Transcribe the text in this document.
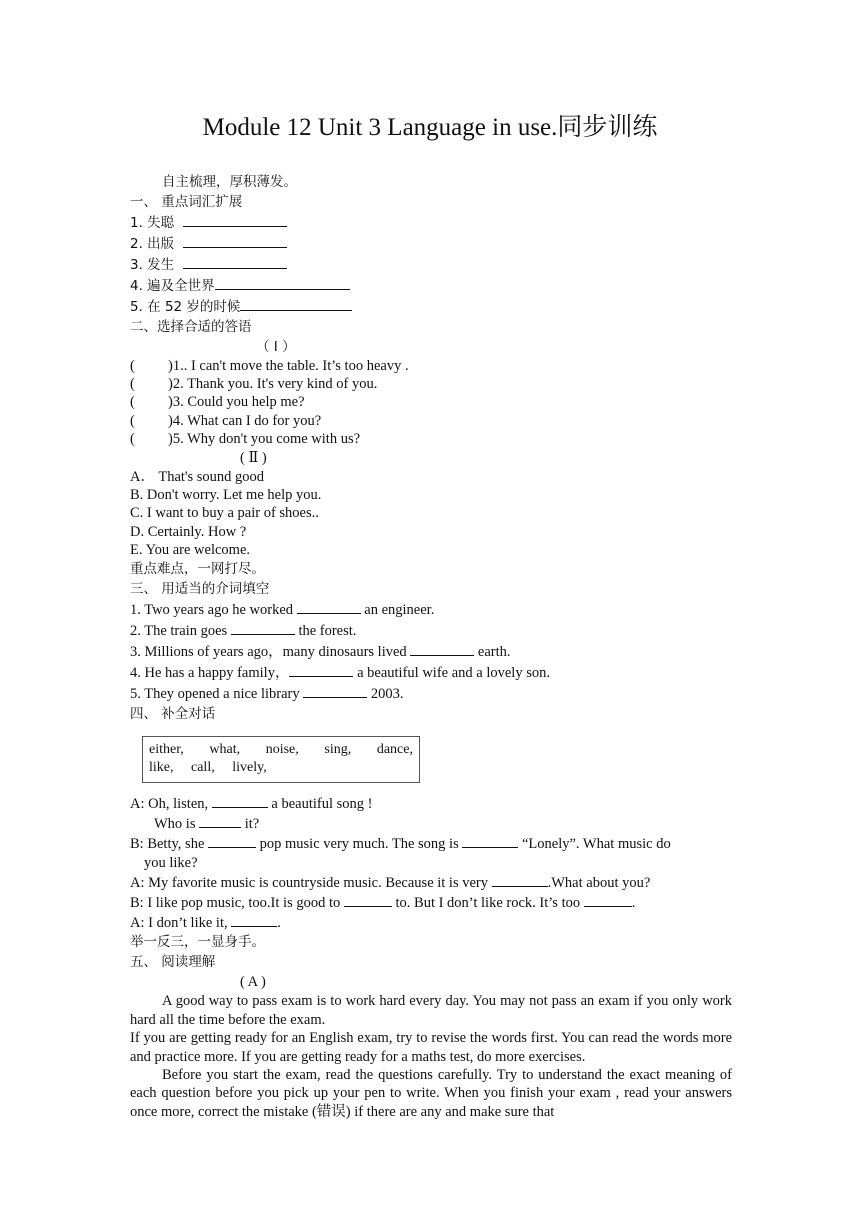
Module 12 Unit 3 Language in use.同步训练
自主梳理，厚积薄发。
一、 重点词汇扩展
1. 失聪
2. 出版
3. 发生
4. 遍及全世界
5. 在 52 岁的时候
二、选择合适的答语
（ Ⅰ ）
(	)1.. I can't move the table. It’s too heavy .
(	)2. Thank you. It's very kind of you.
(	)3. Could you help me?
(	)4. What can I do for you?
(	)5. Why don't you come with us?
( Ⅱ )
A． That's sound good
B. Don't worry. Let me help you.
C. I want to buy a pair of shoes..
D. Certainly. How ?
E. You are welcome.
重点难点，一网打尽。
三、 用适当的介词填空
1. Two years ago he worked	an engineer.
2. The train goes	the forest.
3. Millions of years ago，many dinosaurs lived	earth.
4. He has a happy family，	a beautiful wife and a lovely son.
5. They opened a nice library	2003.
四、 补全对话
either, what, noise, sing, dance,
like, call, lively,
A: Oh, listen,	a beautiful song !
Who is	it?
B: Betty, she	pop music very much. The song is	“Lonely”. What music do
you like?
A: My favorite music is countryside music. Because it is very	.What about you?
B: I like pop music, too.It is good to	to. But I don’t like rock. It’s too	.
A: I don’t like it,	.
举一反三，一显身手。
五、 阅读理解
( A )
A good way to pass exam is to work hard every day. You may not pass an exam if you only work hard all the time before the exam.
If you are getting ready for an English exam, try to revise the words first. You can read the words more and practice more. If you are getting ready for a maths test, do more exercises.
Before you start the exam, read the questions carefully. Try to understand the exact meaning of each question before you pick up your pen to write. When you finish your exam , read your answers once more, correct the mistake (错误) if there are any and make sure that
